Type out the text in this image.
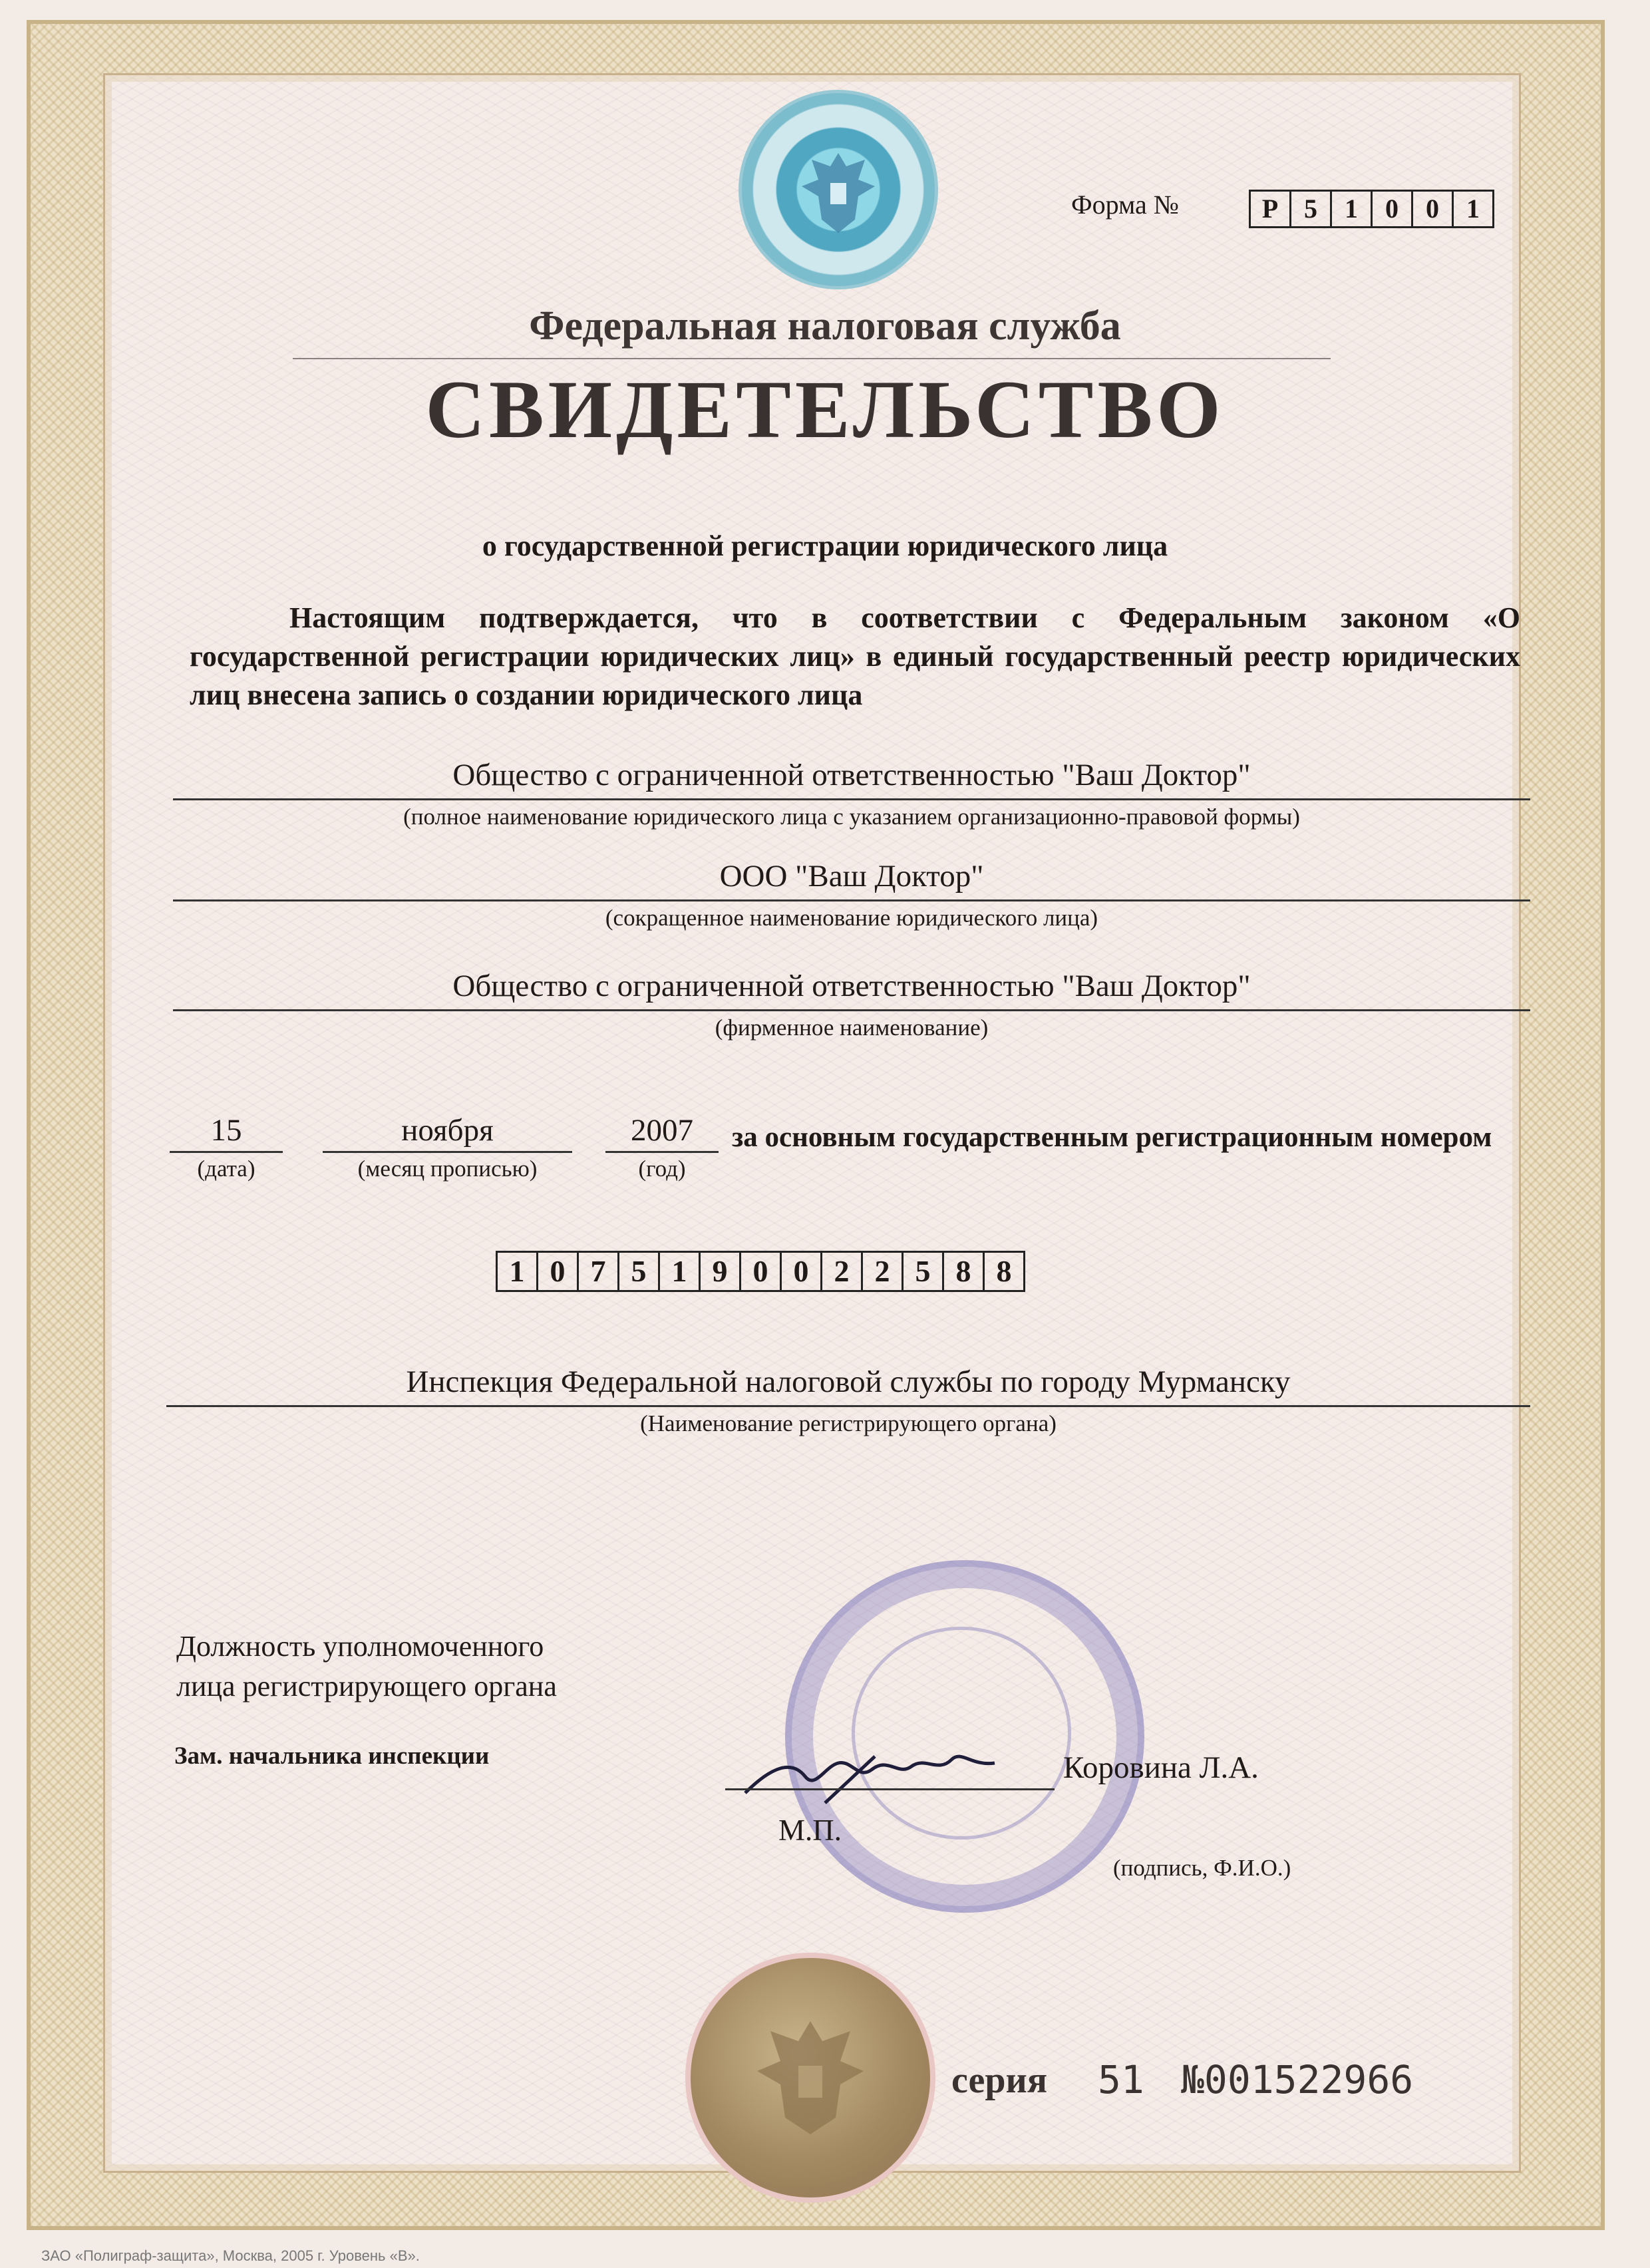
Форма №	Р 5	1	0	0	1
Федеральная налоговая служба
СВИДЕТЕЛЬСТВО
о государственной регистрации юридического лица
Настоящим подтверждается, что в соответствии с Федеральным законом «О государственной регистрации юридических лиц» в единый государственный реестр юридических лиц внесена запись о создании юридического лица
Общество с ограниченной ответственностью "Ваш Доктор"
(полное наименование юридического лица с указанием организационно-правовой формы)
ООО "Ваш Доктор"
(сокращенное наименование юридического лица)
Общество с ограниченной ответственностью "Ваш Доктор"
(фирменное наименование)
15
(дата)
ноября
(месяц прописью)
2007
(год)
за основным государственным регистрационным номером
1 0 7 5 1 9 0 0 2 2 5 8 8
Инспекция Федеральной налоговой службы по городу Мурманску
(Наименование регистрирующего органа)
Должность уполномоченного
лица регистрирующего органа
Зам. начальника инспекции	Коровина Л.А.
М.П.
(подпись, Ф.И.О.)
серия 51 №001522966
ЗАО «Полиграф-защита», Москва, 2005 г. Уровень «В».
